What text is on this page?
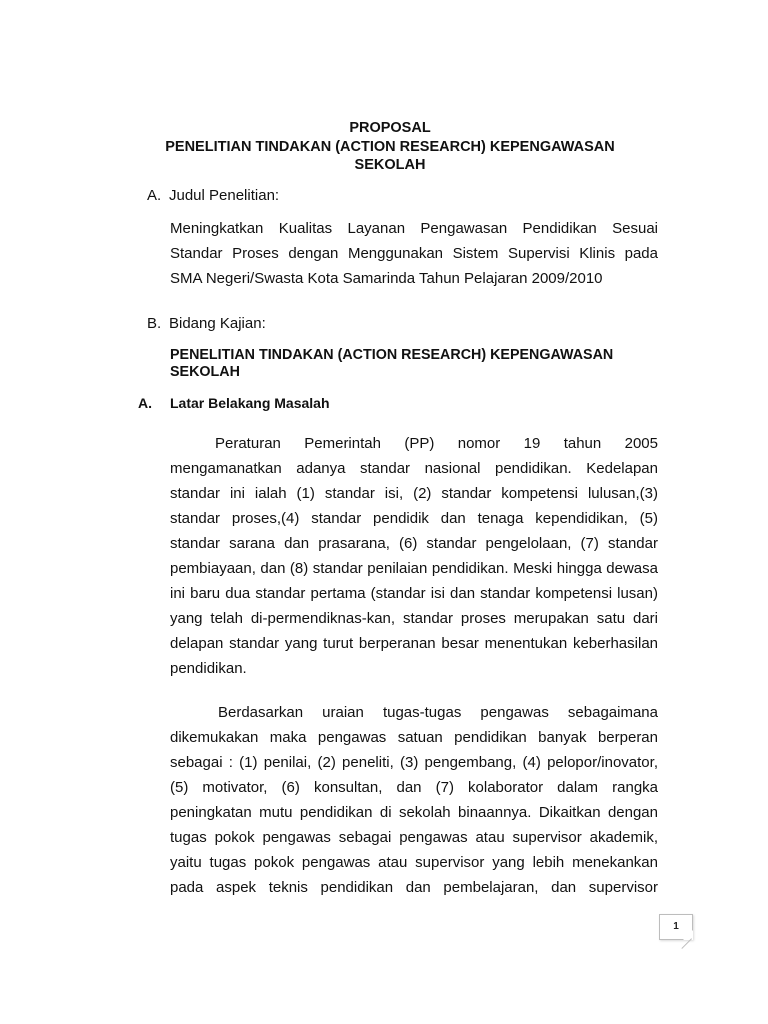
PROPOSAL
PENELITIAN TINDAKAN (ACTION RESEARCH) KEPENGAWASAN
SEKOLAH
A. Judul Penelitian:
Meningkatkan Kualitas Layanan Pengawasan Pendidikan Sesuai
Standar Proses dengan Menggunakan Sistem Supervisi Klinis pada
SMA Negeri/Swasta Kota Samarinda Tahun Pelajaran 2009/2010
B. Bidang Kajian:
PENELITIAN TINDAKAN (ACTION RESEARCH) KEPENGAWASAN
SEKOLAH
A. Latar Belakang Masalah
Peraturan Pemerintah (PP) nomor 19 tahun 2005
mengamanatkan adanya standar nasional pendidikan. Kedelapan
standar ini ialah (1) standar isi, (2) standar kompetensi lulusan,(3)
standar proses,(4) standar pendidik dan tenaga kependidikan, (5)
standar sarana dan prasarana, (6) standar pengelolaan, (7) standar
pembiayaan, dan (8) standar penilaian pendidikan. Meski hingga dewasa
ini baru dua standar pertama (standar isi dan standar kompetensi lusan)
yang telah di-permendiknas-kan, standar proses merupakan satu dari
delapan standar yang turut berperanan besar menentukan keberhasilan
pendidikan.
Berdasarkan uraian tugas-tugas pengawas sebagaimana
dikemukakan maka pengawas satuan pendidikan banyak berperan
sebagai : (1) penilai, (2) peneliti, (3) pengembang, (4) pelopor/inovator,
(5) motivator, (6) konsultan, dan (7) kolaborator dalam rangka
peningkatan mutu pendidikan di sekolah binaannya. Dikaitkan dengan
tugas pokok pengawas sebagai pengawas atau supervisor akademik,
yaitu tugas pokok pengawas atau supervisor yang lebih menekankan
pada aspek teknis pendidikan dan pembelajaran, dan supervisor
1
